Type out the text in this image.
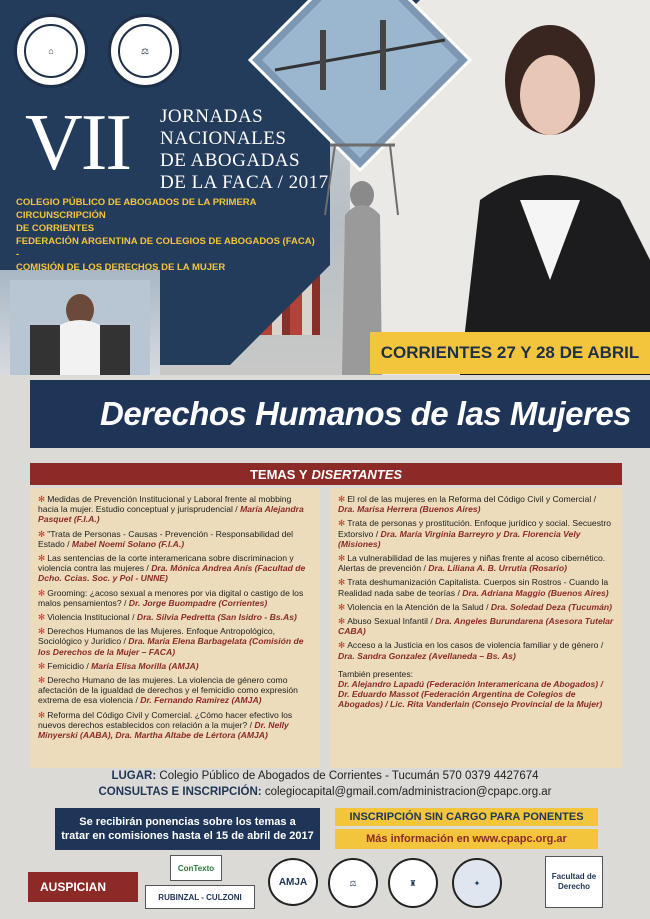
⌂	⚖
VII JORNADAS
NACIONALES
DE ABOGADAS
DE LA FACA / 2017
COLEGIO PÚBLICO DE ABOGADOS DE LA PRIMERA CIRCUNSCRIPCIÓN
DE CORRIENTES
FEDERACIÓN ARGENTINA DE COLEGIOS DE ABOGADOS (FACA) -
COMISIÓN DE LOS DERECHOS DE LA MUJER
CORRIENTES 27 Y 28 DE ABRIL
Derechos Humanos de las Mujeres
TEMAS Y DISERTANTES
✻ Medidas de Prevención Institucional y Laboral frente al mobbing hacia la mujer. Estudio conceptual y jurisprudencial / María Alejandra Pasquet (F.I.A.)
✻ "Trata de Personas - Causas - Prevención - Responsabilidad del Estado / Mabel Noemí Solano (F.I.A.)
✻ Las sentencias de la corte interamericana sobre discriminacion y violencia contra las mujeres / Dra. Mónica Andrea Anís (Facultad de Dcho. Ccias. Soc. y Pol - UNNE)
✻ Grooming: ¿acoso sexual a menores por via digital o castigo de los malos pensamientos? / Dr. Jorge Buompadre (Corrientes)
✻ Violencia Institucional / Dra. Silvia Pedretta (San Isidro - Bs.As)
✻ Derechos Humanos de las Mujeres. Enfoque Antropológico, Sociológico y Jurídico / Dra. María Elena Barbagelata (Comisión de los Derechos de la Mujer – FACA)
✻ Femicidio / María Elisa Morilla (AMJA)
✻ Derecho Humano de las mujeres. La violencia de género como afectación de la igualdad de derechos y el femicidio como expresión extrema de esa violencia / Dr. Fernando Ramirez (AMJA)
✻ Reforma del Código Civil y Comercial. ¿Cómo hacer efectivo los nuevos derechos establecidos con relación a la mujer? / Dr. Nelly Minyerski (AABA), Dra. Martha Altabe de Lértora (AMJA)
✻ El rol de las mujeres en la Reforma del Código Civil y Comercial / Dra. Marisa Herrera (Buenos Aires)
✻ Trata de personas y prostitución. Enfoque jurídico y social. Secuestro Extorsivo / Dra. María Virginia Barreyro y Dra. Florencia Vely (Misiones)
✻ La vulnerabilidad de las mujeres y niñas frente al acoso cibernético. Alertas de prevención / Dra. Liliana A. B. Urrutia (Rosario)
✻ Trata deshumanización Capitalista. Cuerpos sin Rostros - Cuando la Realidad nada sabe de teorías / Dra. Adriana Maggio (Buenos Aires)
✻ Violencia en la Atención de la Salud / Dra. Soledad Deza (Tucumán)
✻ Abuso Sexual Infantil / Dra. Angeles Burundarena (Asesora Tutelar CABA)
✻ Acceso a la Justicia en los casos de violencia familiar y de género / Dra. Sandra Gonzalez (Avellaneda – Bs. As)
También presentes:
Dr. Alejandro Lapadú (Federación Interamericana de Abogados) / Dr. Eduardo Massot (Federación Argentina de Colegios de Abogados) / Lic. Rita Vanderlain (Consejo Provincial de la Mujer)
LUGAR: Colegio Público de Abogados de Corrientes - Tucumán 570 0379 4427674
CONSULTAS E INSCRIPCIÓN: colegiocapital@gmail.com/administracion@cpapc.org.ar
Se recibirán ponencias sobre los temas a
tratar en comisiones hasta el 15 de abril de 2017
INSCRIPCIÓN SIN CARGO PARA PONENTES
Más información en www.cpapc.org.ar
AUSPICIAN
ConTexto
RUBINZAL - CULZONI
AMJA	⚖	♜	✦
Facultad de Derecho
